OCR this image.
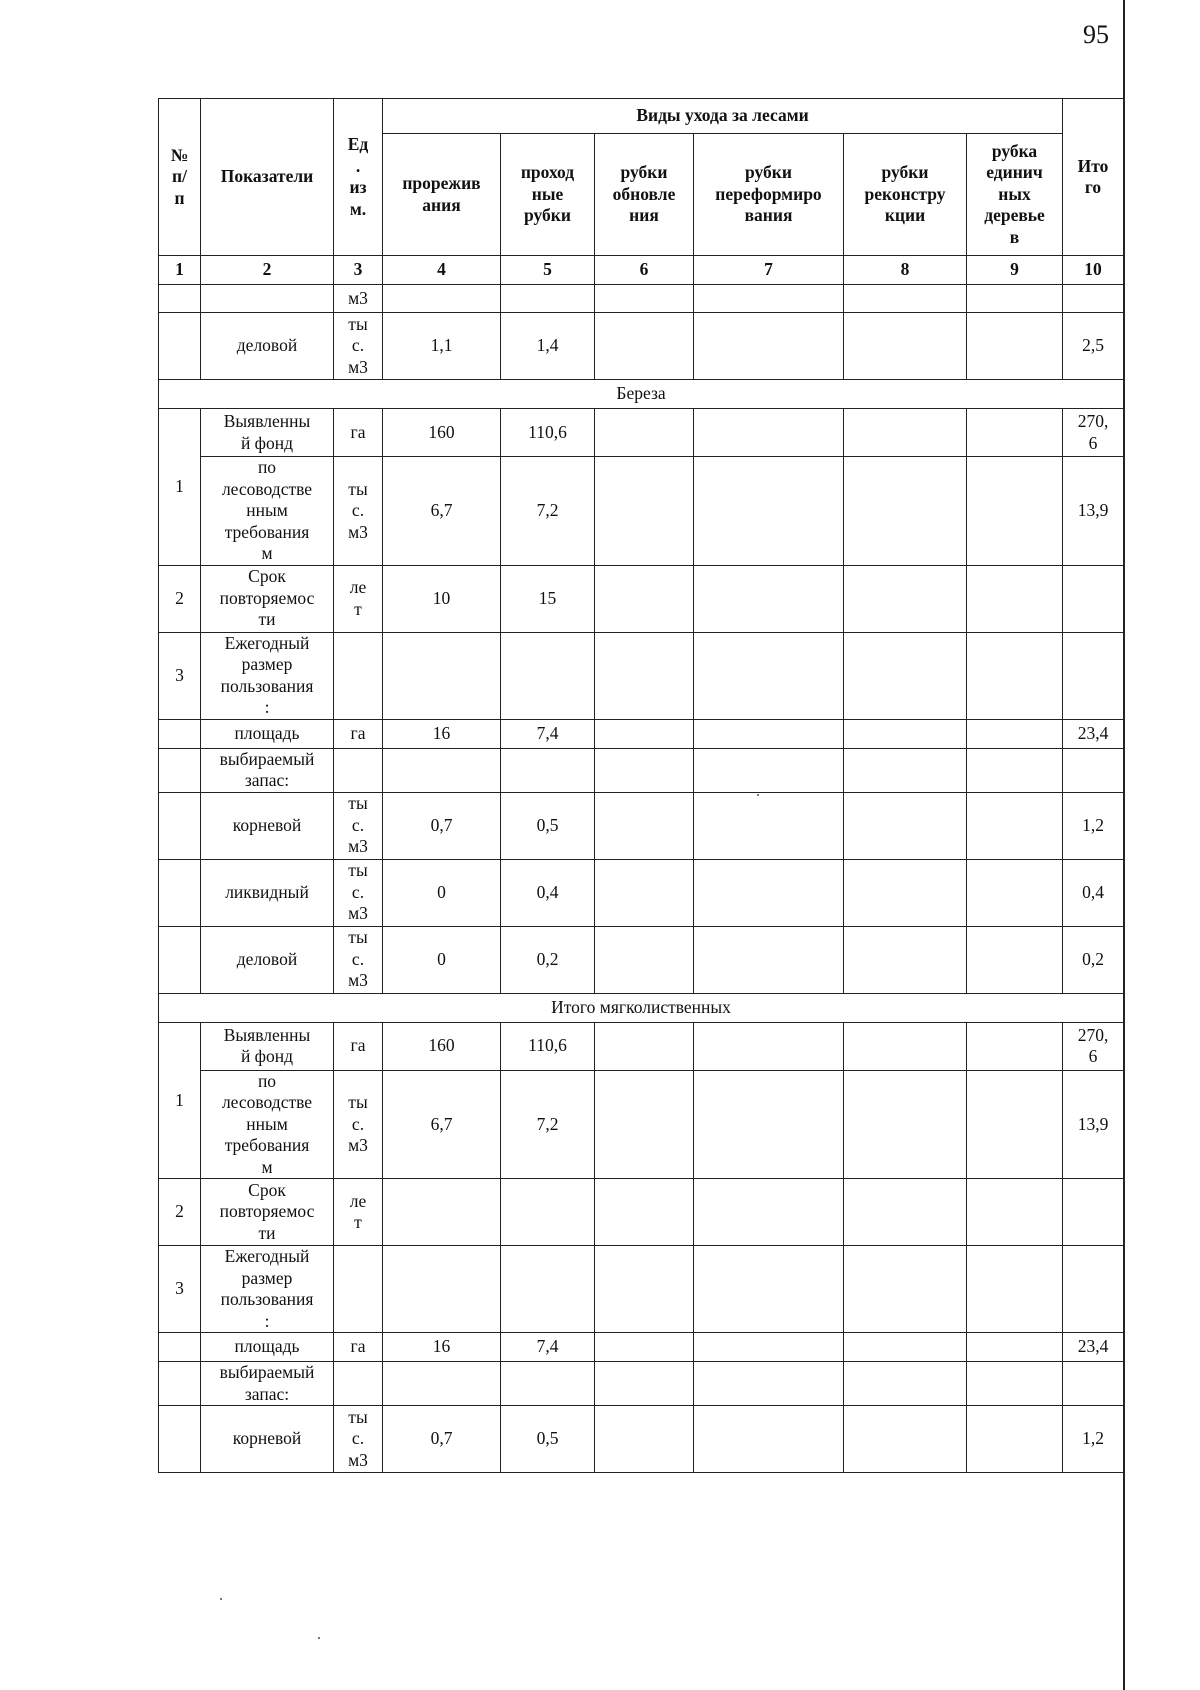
95
№
п/
п	Показатели	Ед
.
из
м.	Виды ухода за лесами						Ито
го
			прорежив
ания	проход
ные
рубки	рубки
обновле
ния	рубки
переформиро
вания	рубки
реконстру
кции	рубка
единич
ных
деревье
в	
1	2	3	4	5	6	7	8	9	10
		м3							
	деловой	ты
с.
м3	1,1	1,4					2,5
Береза									
1	Выявленны
й фонд	га	160	110,6					270,
6
	по
лесоводстве
нным
требования
м	ты
с.
м3	6,7	7,2					13,9
2	Срок
повторяемос
ти	ле
т	10	15					
3	Ежегодный
размер
пользования
:								
	площадь	га	16	7,4					23,4
	выбираемый
запас:								
	корневой	ты
с.
м3	0,7	0,5					1,2
	ликвидный	ты
с.
м3	0	0,4					0,4
	деловой	ты
с.
м3	0	0,2					0,2
Итого мягколиственных									
1	Выявленны
й фонд	га	160	110,6					270,
6
	по
лесоводстве
нным
требования
м	ты
с.
м3	6,7	7,2					13,9
2	Срок
повторяемос
ти	ле
т							
3	Ежегодный
размер
пользования
:								
	площадь	га	16	7,4					23,4
	выбираемый
запас:								
	корневой	ты
с.
м3	0,7	0,5					1,2
